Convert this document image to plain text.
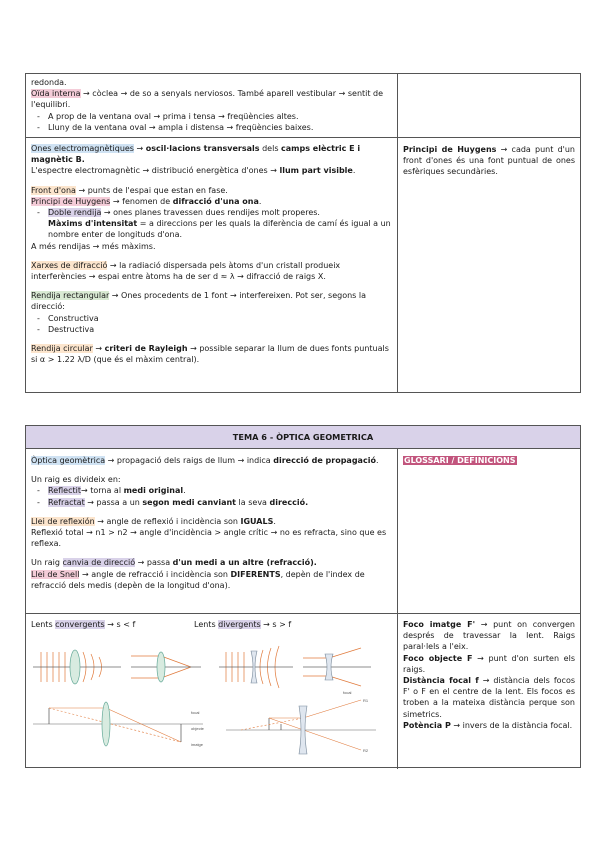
redonda.

Oïda interna → còclea → de so a senyals nerviosos. També aparell vestibular → sentit de l'equilibri.

- A prop de la ventana oval → prima i tensa → freqüències altes.
- Lluny de la ventana oval → ampla i distensa → freqüències baixes.

Ones electromagnètiques → oscil·lacions transversals dels camps elèctric E i magnètic B.

L'espectre electromagnètic → distribució energètica d'ones → llum part visible.

Front d'ona → punts de l'espai que estan en fase.

Principi de Huygens → fenomen de difracció d'una ona.

- Doble rendija → ones planes travessen dues rendijes molt properes.
Màxims d'intensitat = a direccions per les quals la diferència de camí és igual a un nombre enter de longituds d'ona.

A més rendijas → més màxims.

Xarxes de difracció → la radiació dispersada pels àtoms d'un cristall produeix interferències → espai entre àtoms ha de ser d ≈ λ → difracció de raigs X.

Rendija rectangular → Ones procedents de 1 font → interfereixen. Pot ser, segons la direcció:

- Constructiva
- Destructiva

Rendija circular → criteri de Rayleigh → possible separar la llum de dues fonts puntuals si α > 1.22 λ/D (que és el màxim central).

Principi de Huygens → cada punt d'un front d'ones és una font puntual de ones esfèriques secundàries.

TEMA 6 - ÒPTICA GEOMETRICA

Òptica geomètrica → propagació dels raigs de llum → indica direcció de propagació.

Un raig es divideix en:

- Reflectit→ torna al medi original.
- Refractat → passa a un segon medi canviant la seva direcció.

Llei de reflexión → angle de reflexió i incidència son IGUALS.

Reflexió total → n1 > n2 → angle d'incidència > angle crític → no es refracta, sino que es reflexa.

Un raig canvia de direcció → passa d'un medi a un altre (refracció).

Llei de Snell → angle de refracció i incidència son DIFERENTS, depèn de l'index de refracció dels medis (depèn de la longitud d'ona).

GLOSSARI / DEFINICIONS

Lents convergents → s < f	Lents divergents → s > f

focal
objecte
imatge
focal
R1
R2

Foco imatge F' → punt on convergen després de travessar la lent. Raigs paral·lels a l'eix.

Foco objecte F → punt d'on surten els raigs.

Distància focal f → distància dels focos F' o F en el centre de la lent. Els focos es troben a la mateixa distància perque son simetrics.

Potència P → invers de la distància focal.
